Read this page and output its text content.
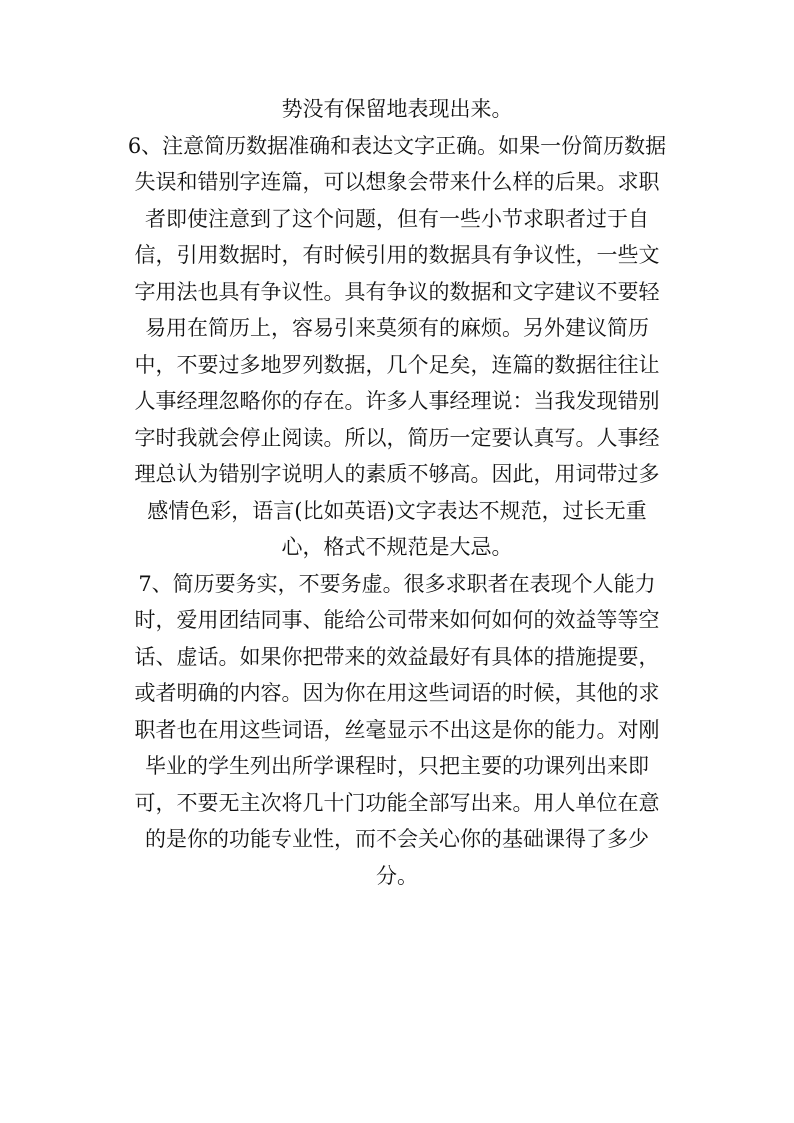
势没有保留地表现出来。
6、注意简历数据准确和表达文字正确。如果一份简历数据
失误和错别字连篇，可以想象会带来什么样的后果。求职
者即使注意到了这个问题，但有一些小节求职者过于自
信，引用数据时，有时候引用的数据具有争议性，一些文
字用法也具有争议性。具有争议的数据和文字建议不要轻
易用在简历上，容易引来莫须有的麻烦。另外建议简历
中，不要过多地罗列数据，几个足矣，连篇的数据往往让
人事经理忽略你的存在。许多人事经理说：当我发现错别
字时我就会停止阅读。所以，简历一定要认真写。人事经
理总认为错别字说明人的素质不够高。因此，用词带过多
感情色彩，语言(比如英语)文字表达不规范，过长无重
心，格式不规范是大忌。
7、简历要务实，不要务虚。很多求职者在表现个人能力
时，爱用团结同事、能给公司带来如何如何的效益等等空
话、虚话。如果你把带来的效益最好有具体的措施提要，
或者明确的内容。因为你在用这些词语的时候，其他的求
职者也在用这些词语，丝毫显示不出这是你的能力。对刚
毕业的学生列出所学课程时，只把主要的功课列出来即
可，不要无主次将几十门功能全部写出来。用人单位在意
的是你的功能专业性，而不会关心你的基础课得了多少
分。
